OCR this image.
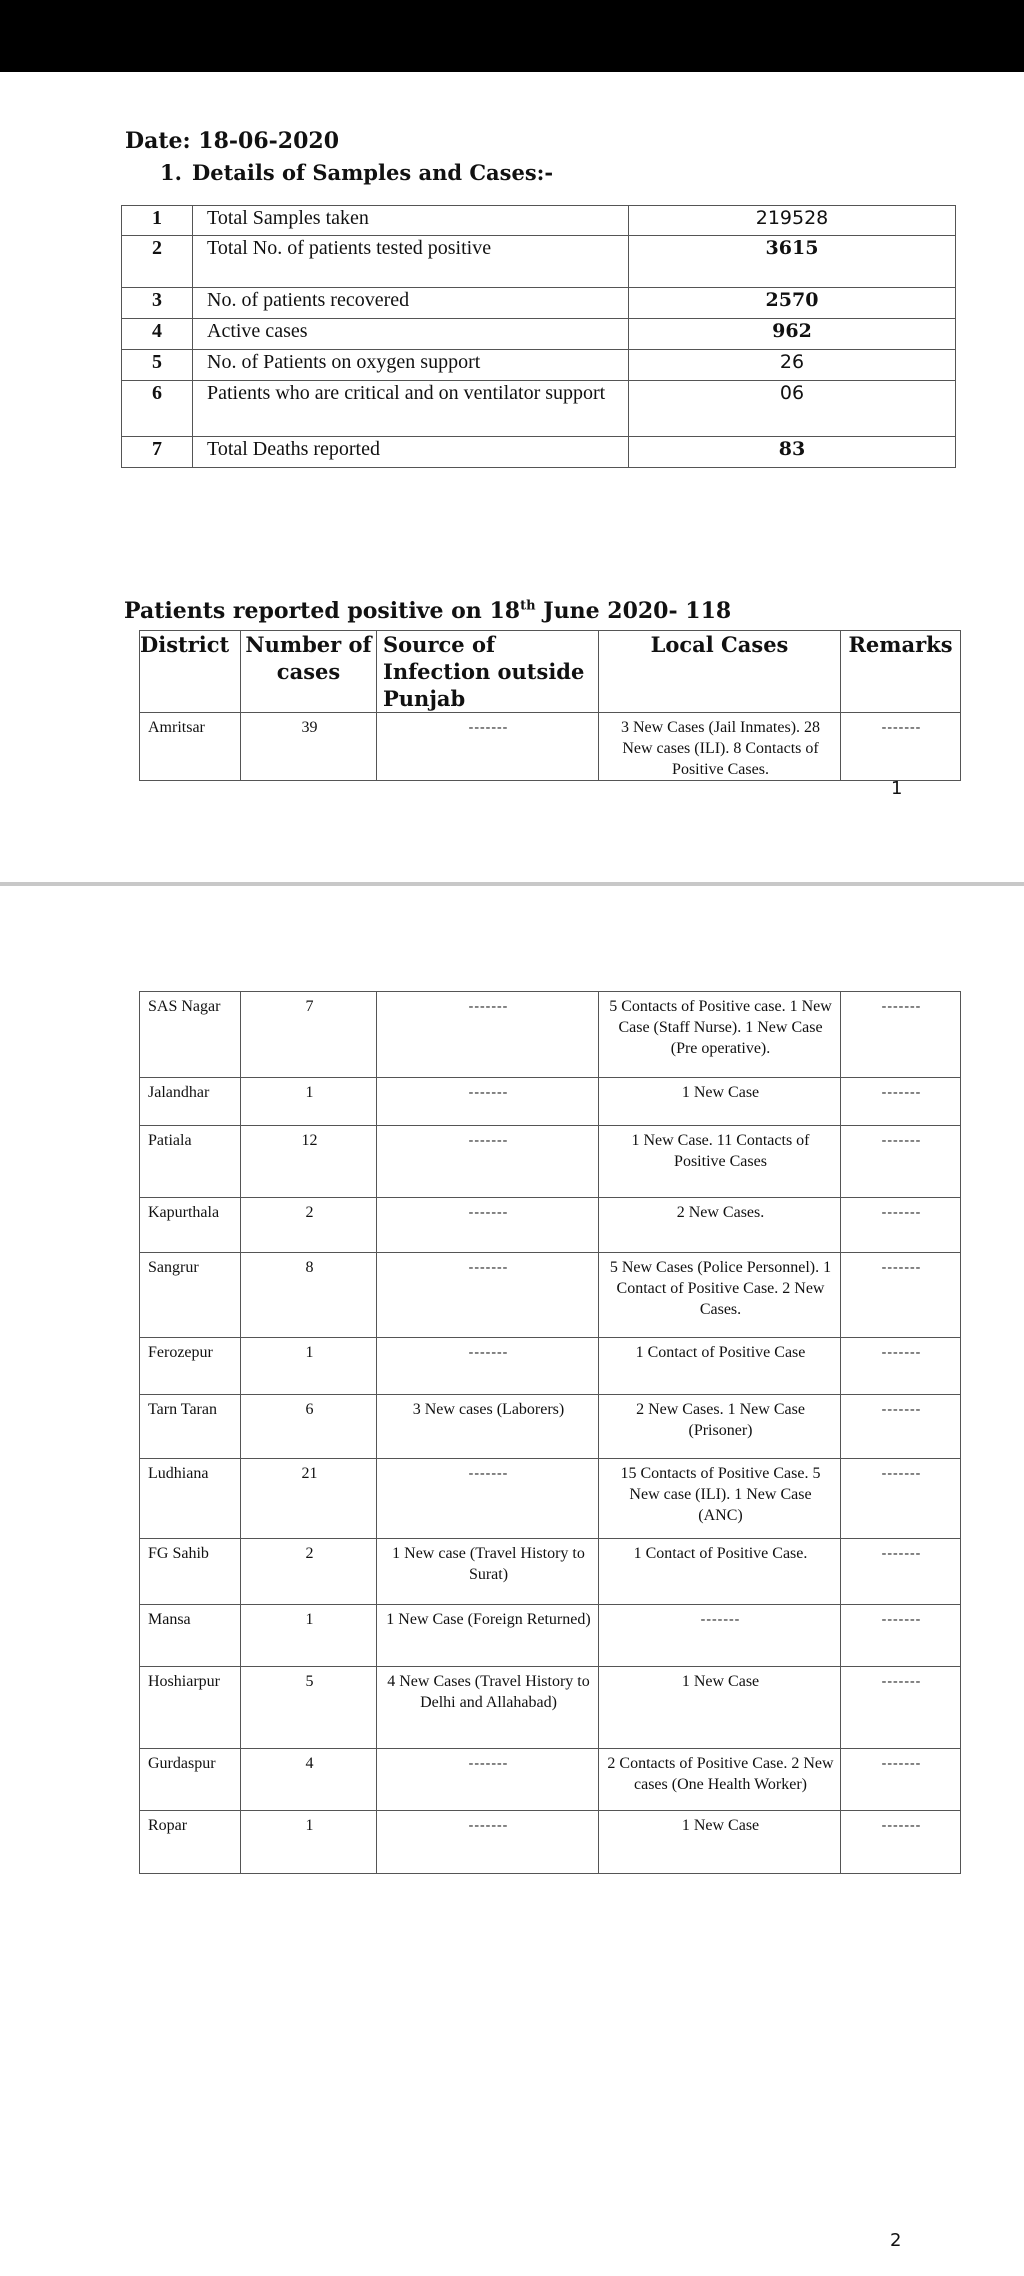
Date: 18-06-2020
1. Details of Samples and Cases:-
1	Total Samples taken	219528
2	Total No. of patients tested positive	3615
3	No. of patients recovered	2570
4	Active cases	962
5	No. of Patients on oxygen support	26
6	Patients who are critical and on ventilator support	06
7	Total Deaths reported	83
Patients reported positive on 18th June 2020- 118
District	Number of cases	Source of Infection outside Punjab	Local Cases	Remarks
Amritsar	39	-------	3 New Cases (Jail Inmates). 28 New cases (ILI). 8 Contacts of Positive Cases.	-------
1
SAS Nagar	7	-------	5 Contacts of Positive case. 1 New Case (Staff Nurse). 1 New Case (Pre operative).	-------
Jalandhar	1	-------	1 New Case	-------
Patiala	12	-------	1 New Case. 11 Contacts of Positive Cases	-------
Kapurthala	2	-------	2 New Cases.	-------
Sangrur	8	-------	5 New Cases (Police Personnel). 1 Contact of Positive Case. 2 New Cases.	-------
Ferozepur	1	-------	1 Contact of Positive Case	-------
Tarn Taran	6	3 New cases (Laborers)	2 New Cases. 1 New Case (Prisoner)	-------
Ludhiana	21	-------	15 Contacts of Positive Case. 5 New case (ILI). 1 New Case (ANC)	-------
FG Sahib	2	1 New case (Travel History to Surat)	1 Contact of Positive Case.	-------
Mansa	1	1 New Case (Foreign Returned)	-------	-------
Hoshiarpur	5	4 New Cases (Travel History to Delhi and Allahabad)	1 New Case	-------
Gurdaspur	4	-------	2 Contacts of Positive Case. 2 New cases (One Health Worker)	-------
Ropar	1	-------	1 New Case	-------
2
